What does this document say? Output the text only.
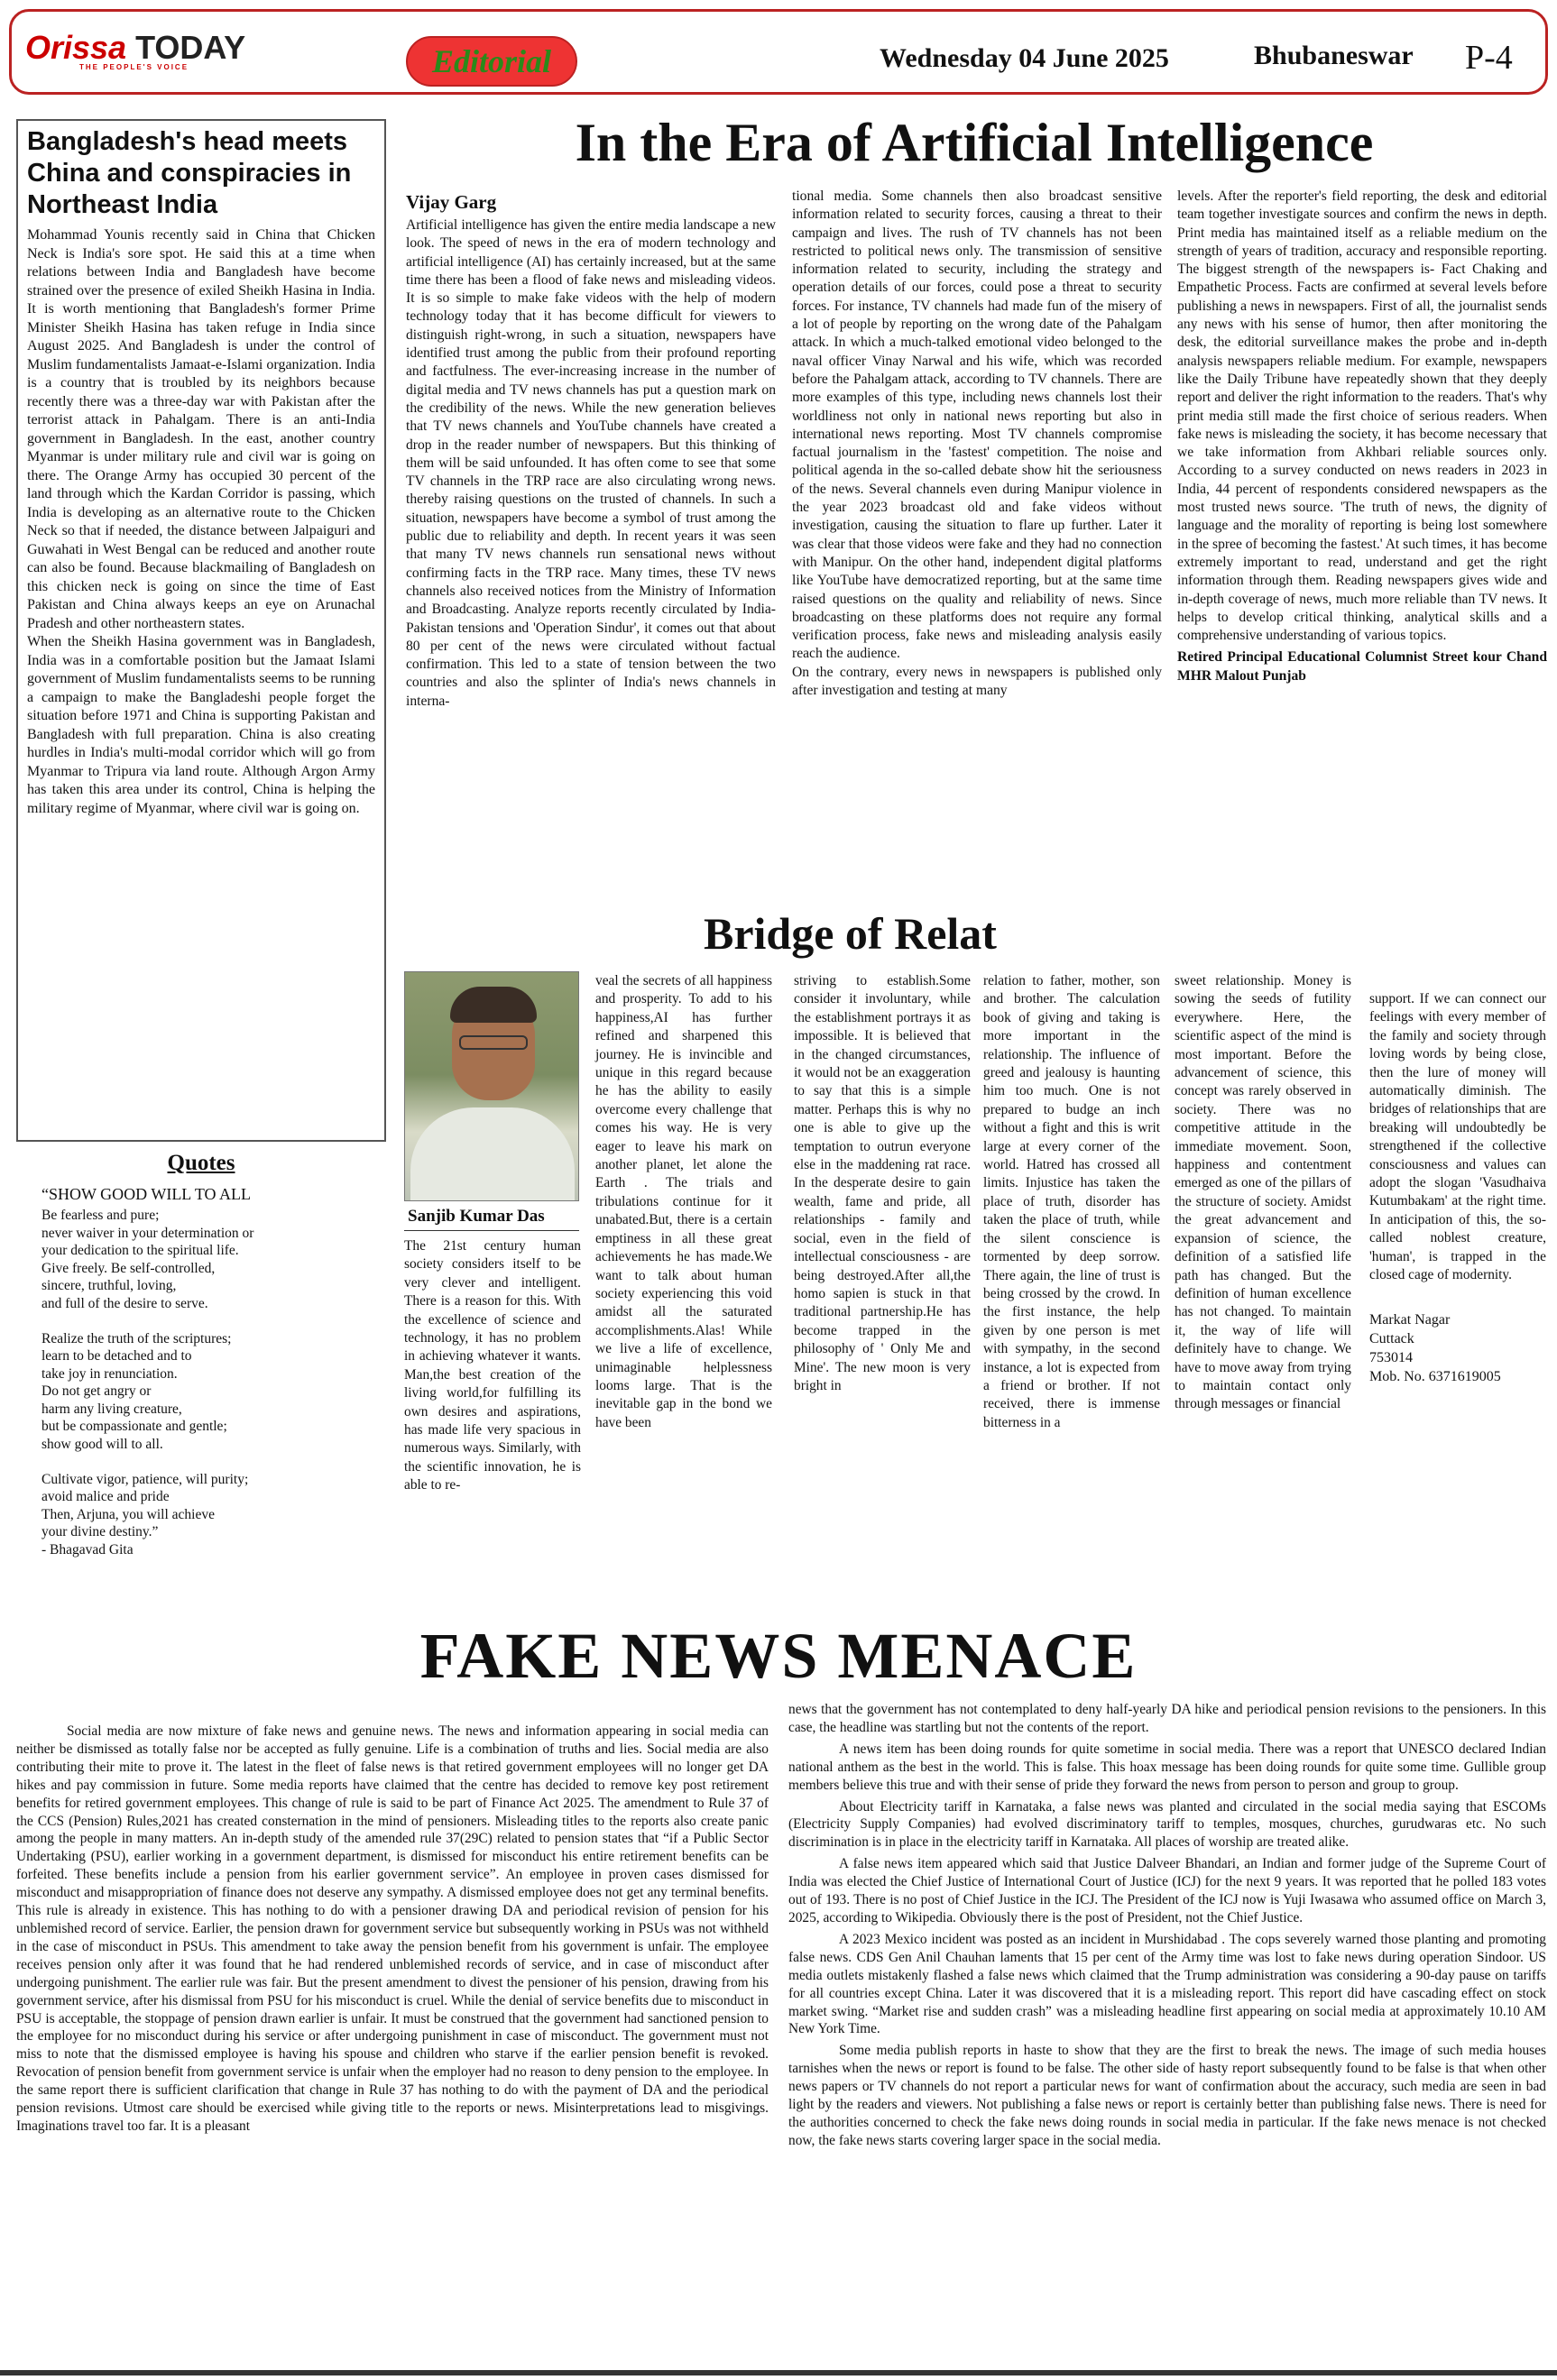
Orissa TODAY
THE PEOPLE'S VOICE	Editorial	Wednesday 04 June 2025	Bhubaneswar P-4
Bangladesh's head meets China and conspiracies in Northeast India

Mohammad Younis recently said in China that Chicken Neck is India's sore spot. He said this at a time when relations between India and Bangladesh have become strained over the presence of exiled Sheikh Hasina in India. It is worth mentioning that Bangladesh's former Prime Minister Sheikh Hasina has taken refuge in India since August 2025. And Bangladesh is under the control of Muslim fundamentalists Jamaat-e-Islami organization. India is a country that is troubled by its neighbors because recently there was a three-day war with Pakistan after the terrorist attack in Pahalgam. There is an anti-India government in Bangladesh. In the east, another country Myanmar is under military rule and civil war is going on there. The Orange Army has occupied 30 percent of the land through which the Kardan Corridor is passing, which India is developing as an alternative route to the Chicken Neck so that if needed, the distance between Jalpaiguri and Guwahati in West Bengal can be reduced and another route can also be found. Because blackmailing of Bangladesh on this chicken neck is going on since the time of East Pakistan and China always keeps an eye on Arunachal Pradesh and other northeastern states.

When the Sheikh Hasina government was in Bangladesh, India was in a comfortable position but the Jamaat Islami government of Muslim fundamentalists seems to be running a campaign to make the Bangladeshi people forget the situation before 1971 and China is supporting Pakistan and Bangladesh with full preparation. China is also creating hurdles in India's multi-modal corridor which will go from Myanmar to Tripura via land route. Although Argon Army has taken this area under its control, China is helping the military regime of Myanmar, where civil war is going on.

Quotes
“SHOW GOOD WILL TO ALL
Be fearless and pure;
never waiver in your determination or
your dedication to the spiritual life.
Give freely. Be self-controlled,
sincere, truthful, loving,
and full of the desire to serve.

Realize the truth of the scriptures;
learn to be detached and to
take joy in renunciation.
Do not get angry or
harm any living creature,
but be compassionate and gentle;
show good will to all.

Cultivate vigor, patience, will purity;
avoid malice and pride
Then, Arjuna, you will achieve
your divine destiny.”
- Bhagavad Gita
In the Era of Artificial Intelligence
Vijay Garg
Artificial intelligence has given the entire media landscape a new look. The speed of news in the era of modern technology and artificial intelligence (AI) has certainly increased, but at the same time there has been a flood of fake news and misleading videos. It is so simple to make fake videos with the help of modern technology today that it has become difficult for viewers to distinguish right-wrong, in such a situation, newspapers have identified trust among the public from their profound reporting and factfulness. The ever-increasing increase in the number of digital media and TV news channels has put a question mark on the credibility of the news. While the new generation believes that TV news channels and YouTube channels have created a drop in the reader number of newspapers. But this thinking of them will be said unfounded. It has often come to see that some TV channels in the TRP race are also circulating wrong news. thereby raising questions on the trusted of channels. In such a situation, newspapers have become a symbol of trust among the public due to reliability and depth. In recent years it was seen that many TV news channels run sensational news without confirming facts in the TRP race. Many times, these TV news channels also received notices from the Ministry of Information and Broadcasting. Analyze reports recently circulated by India-Pakistan tensions and 'Operation Sindur', it comes out that about 80 per cent of the news were circulated without factual confirmation. This led to a state of tension between the two countries and also the splinter of India's news channels in interna-

tional media. Some channels then also broadcast sensitive information related to security forces, causing a threat to their campaign and lives. The rush of TV channels has not been restricted to political news only. The transmission of sensitive information related to security, including the strategy and operation details of our forces, could pose a threat to security forces. For instance, TV channels had made fun of the misery of a lot of people by reporting on the wrong date of the Pahalgam attack. In which a much-talked emotional video belonged to the naval officer Vinay Narwal and his wife, which was recorded before the Pahalgam attack, according to TV channels. There are more examples of this type, including news channels lost their worldliness not only in national news reporting but also in international news reporting. Most TV channels compromise factual journalism in the 'fastest' competition. The noise and political agenda in the so-called debate show hit the seriousness of the news. Several channels even during Manipur violence in the year 2023 broadcast old and fake videos without investigation, causing the situation to flare up further. Later it was clear that those videos were fake and they had no connection with Manipur. On the other hand, independent digital platforms like YouTube have democratized reporting, but at the same time raised questions on the quality and reliability of news. Since broadcasting on these platforms does not require any formal verification process, fake news and misleading analysis easily reach the audience.

On the contrary, every news in newspapers is published only after investigation and testing at many

levels. After the reporter's field reporting, the desk and editorial team together investigate sources and confirm the news in depth. Print media has maintained itself as a reliable medium on the strength of years of tradition, accuracy and responsible reporting. The biggest strength of the newspapers is- Fact Chaking and Empathetic Process. Facts are confirmed at several levels before publishing a news in newspapers. First of all, the journalist sends any news with his sense of humor, then after monitoring the desk, the editorial surveillance makes the probe and in-depth analysis newspapers reliable medium. For example, newspapers like the Daily Tribune have repeatedly shown that they deeply report and deliver the right information to the readers. That's why print media still made the first choice of serious readers. When fake news is misleading the society, it has become necessary that we take information from Akhbari reliable sources only. According to a survey conducted on news readers in 2023 in India, 44 percent of respondents considered newspapers as the most trusted news source. 'The truth of news, the dignity of language and the morality of reporting is being lost somewhere in the spree of becoming the fastest.' At such times, it has become extremely important to read, understand and get the right information through them. Reading newspapers gives wide and in-depth coverage of news, much more reliable than TV news. It helps to develop critical thinking, analytical skills and a comprehensive understanding of various topics.

Retired Principal Educational Columnist Street kour Chand MHR Malout Punjab

Bridge of Relat
Sanjib Kumar Das
The 21st century human society considers itself to be very clever and intelligent. There is a reason for this. With the excellence of science and technology, it has no problem in achieving whatever it wants. Man,the best creation of the living world,for fulfilling its own desires and aspirations, has made life very spacious in numerous ways. Similarly, with the scientific innovation, he is able to re-
veal the secrets of all happiness and prosperity. To add to his happiness,AI has further refined and sharpened this journey. He is invincible and unique in this regard because he has the ability to easily overcome every challenge that comes his way. He is very eager to leave his mark on another planet, let alone the Earth . The trials and tribulations continue for it unabated.But, there is a certain emptiness in all these great achievements he has made.We want to talk about human society experiencing this void amidst all the saturated accomplishments.Alas! While we live a life of excellence, unimaginable helplessness looms large. That is the inevitable gap in the bond we have been
striving to establish.Some consider it involuntary, while the establishment portrays it as impossible. It is believed that in the changed circumstances, it would not be an exaggeration to say that this is a simple matter. Perhaps this is why no one is able to give up the temptation to outrun everyone else in the maddening rat race. In the desperate desire to gain wealth, fame and pride, all relationships - family and social, even in the field of intellectual consciousness - are being destroyed.After all,the homo sapien is stuck in that traditional partnership.He has become trapped in the philosophy of ' Only Me and Mine'. The new moon is very bright in
relation to father, mother, son and brother. The calculation book of giving and taking is more important in the relationship. The influence of greed and jealousy is haunting him too much. One is not prepared to budge an inch without a fight and this is writ large at every corner of the world. Hatred has crossed all limits. Injustice has taken the place of truth, disorder has taken the place of truth, while the silent conscience is tormented by deep sorrow. There again, the line of trust is being crossed by the crowd. In the first instance, the help given by one person is met with sympathy, in the second instance, a lot is expected from a friend or brother. If not received, there is immense bitterness in a
sweet relationship. Money is sowing the seeds of futility everywhere. Here, the scientific aspect of the mind is most important. Before the advancement of science, this concept was rarely observed in society. There was no competitive attitude in the immediate movement. Soon, happiness and contentment emerged as one of the pillars of the structure of society. Amidst the great advancement and expansion of science, the definition of a satisfied life path has changed. But the definition of human excellence has not changed. To maintain it, the way of life will definitely have to change. We have to move away from trying to maintain contact only through messages or financial

support. If we can connect our feelings with every member of the family and society through loving words by being close, then the lure of money will automatically diminish. The bridges of relationships that are breaking will undoubtedly be strengthened if the collective consciousness and values can adopt the slogan 'Vasudhaiva Kutumbakam' at the right time. In anticipation of this, the so-called noblest creature, 'human', is trapped in the closed cage of modernity.

Markat Nagar
Cuttack
753014
Mob. No. 6371619005

FAKE NEWS MENACE
Social media are now mixture of fake news and genuine news. The news and information appearing in social media can neither be dismissed as totally false nor be accepted as fully genuine. Life is a combination of truths and lies. Social media are also contributing their mite to prove it. The latest in the fleet of false news is that retired government employees will no longer get DA hikes and pay commission in future. Some media reports have claimed that the centre has decided to remove key post retirement benefits for retired government employees. This change of rule is said to be part of Finance Act 2025. The amendment to Rule 37 of the CCS (Pension) Rules,2021 has created consternation in the mind of pensioners. Misleading titles to the reports also create panic among the people in many matters. An in-depth study of the amended rule 37(29C) related to pension states that “if a Public Sector Undertaking (PSU), earlier working in a government department, is dismissed for misconduct his entire retirement benefits can be forfeited. These benefits include a pension from his earlier government service”. An employee in proven cases dismissed for misconduct and misappropriation of finance does not deserve any sympathy. A dismissed employee does not get any terminal benefits. This rule is already in existence. This has nothing to do with a pensioner drawing DA and periodical revision of pension for his unblemished record of service. Earlier, the pension drawn for government service but subsequently working in PSUs was not withheld in the case of misconduct in PSUs. This amendment to take away the pension benefit from his government is unfair. The employee receives pension only after it was found that he had rendered unblemished records of service, and in case of misconduct after undergoing punishment. The earlier rule was fair. But the present amendment to divest the pensioner of his pension, drawing from his government service, after his dismissal from PSU for his misconduct is cruel. While the denial of service benefits due to misconduct in PSU is acceptable, the stoppage of pension drawn earlier is unfair. It must be construed that the government had sanctioned pension to the employee for no misconduct during his service or after undergoing punishment in case of misconduct. The government must not miss to note that the dismissed employee is having his spouse and children who starve if the earlier pension benefit is revoked. Revocation of pension benefit from government service is unfair when the employer had no reason to deny pension to the employee. In the same report there is sufficient clarification that change in Rule 37 has nothing to do with the payment of DA and the periodical pension revisions. Utmost care should be exercised while giving title to the reports or news. Misinterpretations lead to misgivings. Imaginations travel too far. It is a pleasant

news that the government has not contemplated to deny half-yearly DA hike and periodical pension revisions to the pensioners. In this case, the headline was startling but not the contents of the report.

A news item has been doing rounds for quite sometime in social media. There was a report that UNESCO declared Indian national anthem as the best in the world. This is false. This hoax message has been doing rounds for quite some time. Gullible group members believe this true and with their sense of pride they forward the news from person to person and group to group.

About Electricity tariff in Karnataka, a false news was planted and circulated in the social media saying that ESCOMs (Electricity Supply Companies) had evolved discriminatory tariff to temples, mosques, churches, gurudwaras etc. No such discrimination is in place in the electricity tariff in Karnataka. All places of worship are treated alike.

A false news item appeared which said that Justice Dalveer Bhandari, an Indian and former judge of the Supreme Court of India was elected the Chief Justice of International Court of Justice (ICJ) for the next 9 years. It was reported that he polled 183 votes out of 193. There is no post of Chief Justice in the ICJ. The President of the ICJ now is Yuji Iwasawa who assumed office on March 3, 2025, according to Wikipedia. Obviously there is the post of President, not the Chief Justice.

A 2023 Mexico incident was posted as an incident in Murshidabad . The cops severely warned those planting and promoting false news. CDS Gen Anil Chauhan laments that 15 per cent of the Army time was lost to fake news during operation Sindoor. US media outlets mistakenly flashed a false news which claimed that the Trump administration was considering a 90-day pause on tariffs for all countries except China. Later it was discovered that it is a misleading report. This report did have cascading effect on stock market swing. “Market rise and sudden crash” was a misleading headline first appearing on social media at approximately 10.10 AM New York Time.

Some media publish reports in haste to show that they are the first to break the news. The image of such media houses tarnishes when the news or report is found to be false. The other side of hasty report subsequently found to be false is that when other news papers or TV channels do not report a particular news for want of confirmation about the accuracy, such media are seen in bad light by the readers and viewers. Not publishing a false news or report is certainly better than publishing false news. There is need for the authorities concerned to check the fake news doing rounds in social media in particular. If the fake news menace is not checked now, the fake news starts covering larger space in the social media.
